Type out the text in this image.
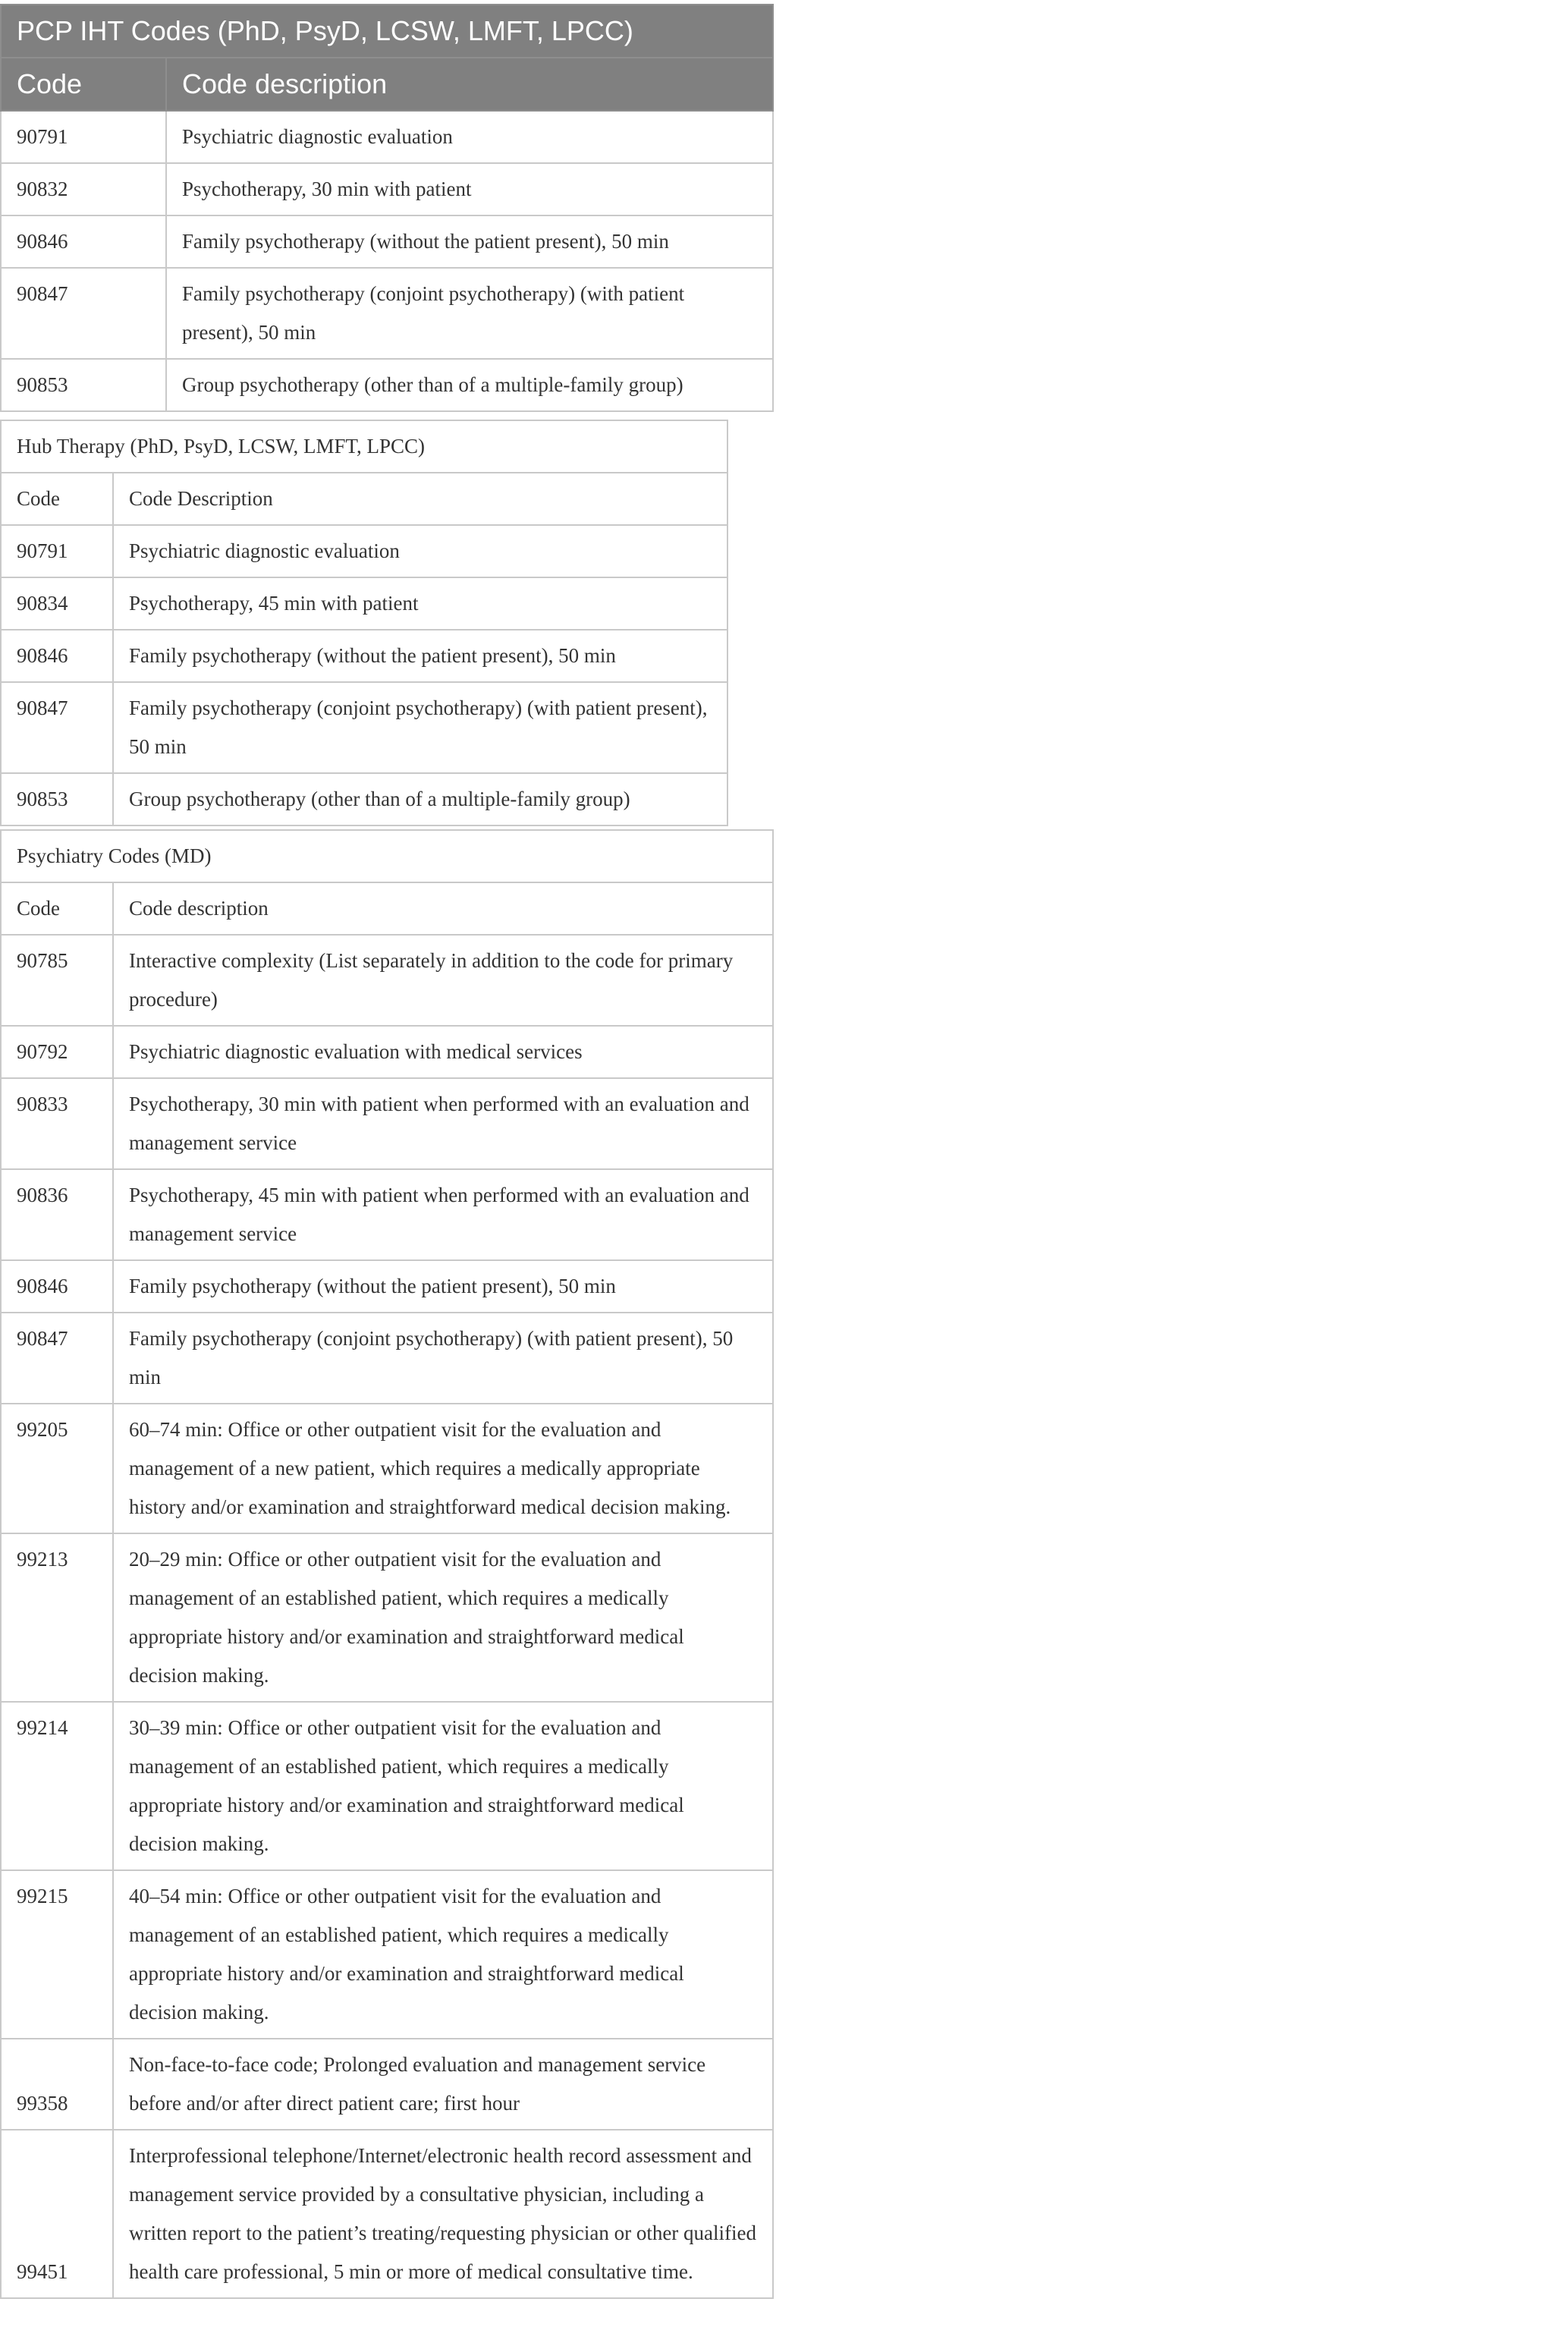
PCP IHT Codes (PhD, PsyD, LCSW, LMFT, LPCC)	
Code	Code description
90791	Psychiatric diagnostic evaluation
90832	Psychotherapy, 30 min with patient
90846	Family psychotherapy (without the patient present), 50 min
90847	Family psychotherapy (conjoint psychotherapy) (with patient present), 50 min
90853	Group psychotherapy (other than of a multiple-family group)
Hub Therapy (PhD, PsyD, LCSW, LMFT, LPCC)	
Code	Code Description
90791	Psychiatric diagnostic evaluation
90834	Psychotherapy, 45 min with patient
90846	Family psychotherapy (without the patient present), 50 min
90847	Family psychotherapy (conjoint psychotherapy) (with patient present), 50 min
90853	Group psychotherapy (other than of a multiple-family group)
Psychiatry Codes (MD)	
Code	Code description
90785	Interactive complexity (List separately in addition to the code for primary procedure)
90792	Psychiatric diagnostic evaluation with medical services
90833	Psychotherapy, 30 min with patient when performed with an evaluation and management service
90836	Psychotherapy, 45 min with patient when performed with an evaluation and management service
90846	Family psychotherapy (without the patient present), 50 min
90847	Family psychotherapy (conjoint psychotherapy) (with patient present), 50 min
99205	60–74 min: Office or other outpatient visit for the evaluation and management of a new patient, which requires a medically appropriate history and/or examination and straightforward medical decision making.
99213	20–29 min: Office or other outpatient visit for the evaluation and management of an established patient, which requires a medically appropriate history and/or examination and straightforward medical decision making.
99214	30–39 min: Office or other outpatient visit for the evaluation and management of an established patient, which requires a medically appropriate history and/or examination and straightforward medical decision making.
99215	40–54 min: Office or other outpatient visit for the evaluation and management of an established patient, which requires a medically appropriate history and/or examination and straightforward medical decision making.
99358	Non-face-to-face code; Prolonged evaluation and management service before and/or after direct patient care; first hour
99451	Interprofessional telephone/Internet/electronic health record assessment and management service provided by a consultative physician, including a written report to the patient’s treating/requesting physician or other qualified health care professional, 5 min or more of medical consultative time.
